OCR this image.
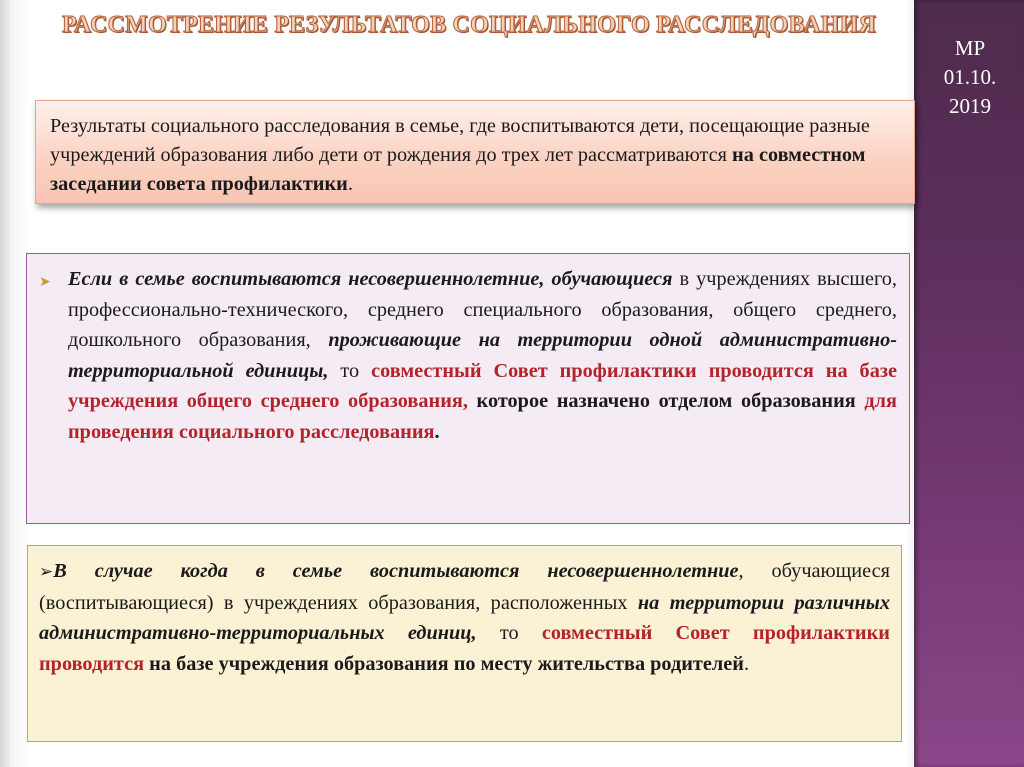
РАССМОТРЕНИЕ РЕЗУЛЬТАТОВ СОЦИАЛЬНОГО РАССЛЕДОВАНИЯ
МР
01.10.
2019
Результаты социального расследования в семье, где воспитываются дети, посещающие разные учреждений образования либо дети от рождения до трех лет рассматриваются на совместном заседании совета профилактики.
➤ Если в семье воспитываются несовершеннолетние, обучающиеся в учреждениях высшего, профессионально-технического, среднего специального образования, общего среднего, дошкольного образования, проживающие на территории одной административно-территориальной единицы, то совместный Совет профилактики проводится на базе учреждения общего среднего образования, которое назначено отделом образования для проведения социального расследования.
➢В случае когда в семье воспитываются несовершеннолетние, обучающиеся (воспитывающиеся) в учреждениях образования, расположенных на территории различных административно-территориальных единиц, то совместный Совет профилактики проводится на базе учреждения образования по месту жительства родителей.
